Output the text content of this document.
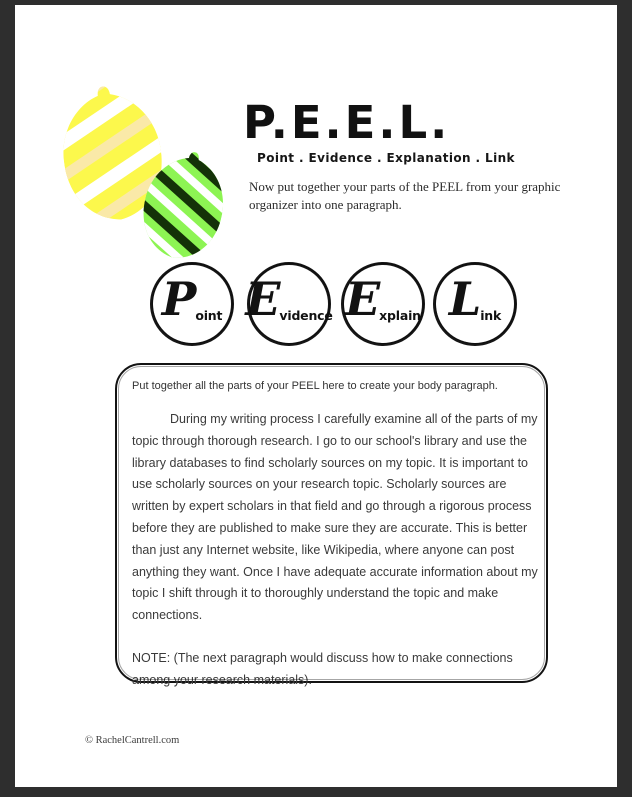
P.E.E.L.
Point . Evidence . Explanation . Link
Now put together your parts of the PEEL from your graphic organizer into one paragraph.
P oint E vidence E xplain L ink
Put together all the parts of your PEEL here to create your body paragraph.
During my writing process I carefully examine all of the parts of my topic through thorough research. I go to our school's library and use the library databases to find scholarly sources on my topic. It is important to use scholarly sources on your research topic. Scholarly sources are written by expert scholars in that field and go through a rigorous process before they are published to make sure they are accurate. This is better than just any Internet website, like Wikipedia, where anyone can post anything they want. Once I have adequate accurate information about my topic I shift through it to thoroughly understand the topic and make connections.
NOTE: (The next paragraph would discuss how to make connections among your research materials).
© RachelCantrell.com
